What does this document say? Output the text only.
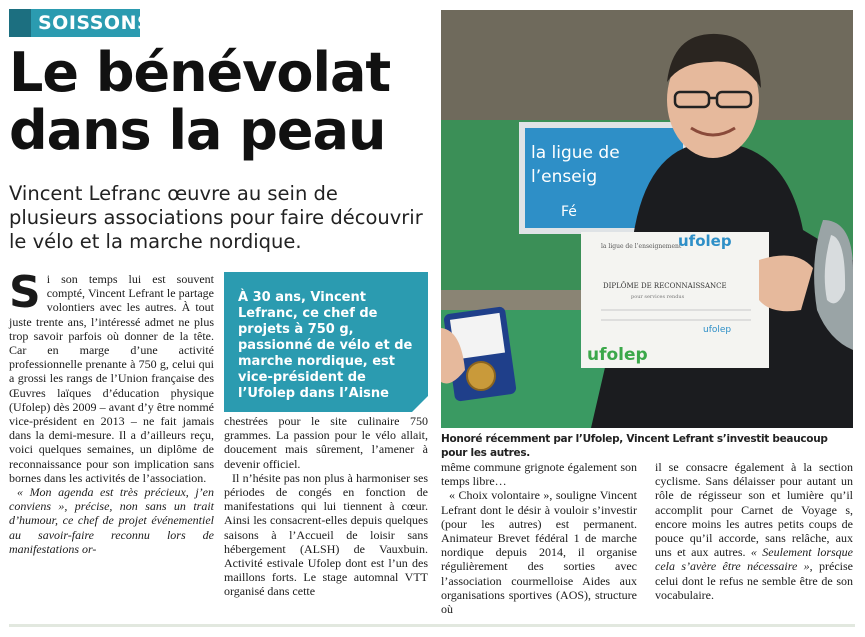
SOISSONS
Le bénévolat
dans la peau
Vincent Lefranc œuvre au sein de plusieurs associations pour faire découvrir le vélo et la marche nordique.

Si son temps lui est souvent compté, Vincent Lefrant le partage volontiers avec les autres. À tout juste trente ans, l’intéressé admet ne plus trop savoir parfois où donner de la tête. Car en marge d’une activité professionnelle prenante à 750 g, celui qui a grossi les rangs de l’Union française des Œuvres laïques d’éducation physique (Ufolep) dès 2009 – avant d’y être nommé vice-président en 2013 – ne fait jamais dans la demi-mesure. Il a d’ailleurs reçu, voici quelques semaines, un diplôme de reconnaissance pour son implication sans bornes dans les activités de l’association.

« Mon agenda est très précieux, j’en conviens », précise, non sans un trait d’humour, ce chef de projet événementiel au savoir-faire reconnu lors de manifestations or-

À 30 ans, Vincent Lefranc, ce chef de projets à 750 g, passionné de vélo et de marche nordique, est vice-président de l’Ufolep dans l’Aisne

chestrées pour le site culinaire 750 grammes. La passion pour le vélo allait, doucement mais sûrement, l’amener à devenir officiel.

Il n’hésite pas non plus à harmoniser ses périodes de congés en fonction de manifestations qui lui tiennent à cœur. Ainsi les consacrent-elles depuis quelques saisons à l’Accueil de loisir sans hébergement (ALSH) de Vauxbuin. Activité estivale Ufolep dont est l’un des maillons forts. Le stage automnal VTT organisé dans cette

même commune grignote également son temps libre…

« Choix volontaire », souligne Vincent Lefrant dont le désir à vouloir s’investir (pour les autres) est permanent. Animateur Brevet fédéral 1 de marche nordique depuis 2014, il organise régulièrement des sorties avec l’association courmelloise Aides aux organisations sportives (AOS), structure où

il se consacre également à la section cyclisme. Sans délaisser pour autant un rôle de régisseur son et lumière qu’il accomplit pour Carnet de Voyage s, encore moins les autres petits coups de pouce qu’il accorde, sans relâche, aux uns et aux autres. « Seulement lorsque cela s’avère être nécessaire », précise celui dont le refus ne semble être de son vocabulaire.

la ligue de
l’enseig
Fé
la ligue de l’enseignement
ufolep
DIPLÔME DE RECONNAISSANCE
pour services rendus
ufolep
ufolep
Honoré récemment par l’Ufolep, Vincent Lefrant s’investit beaucoup pour les autres.
